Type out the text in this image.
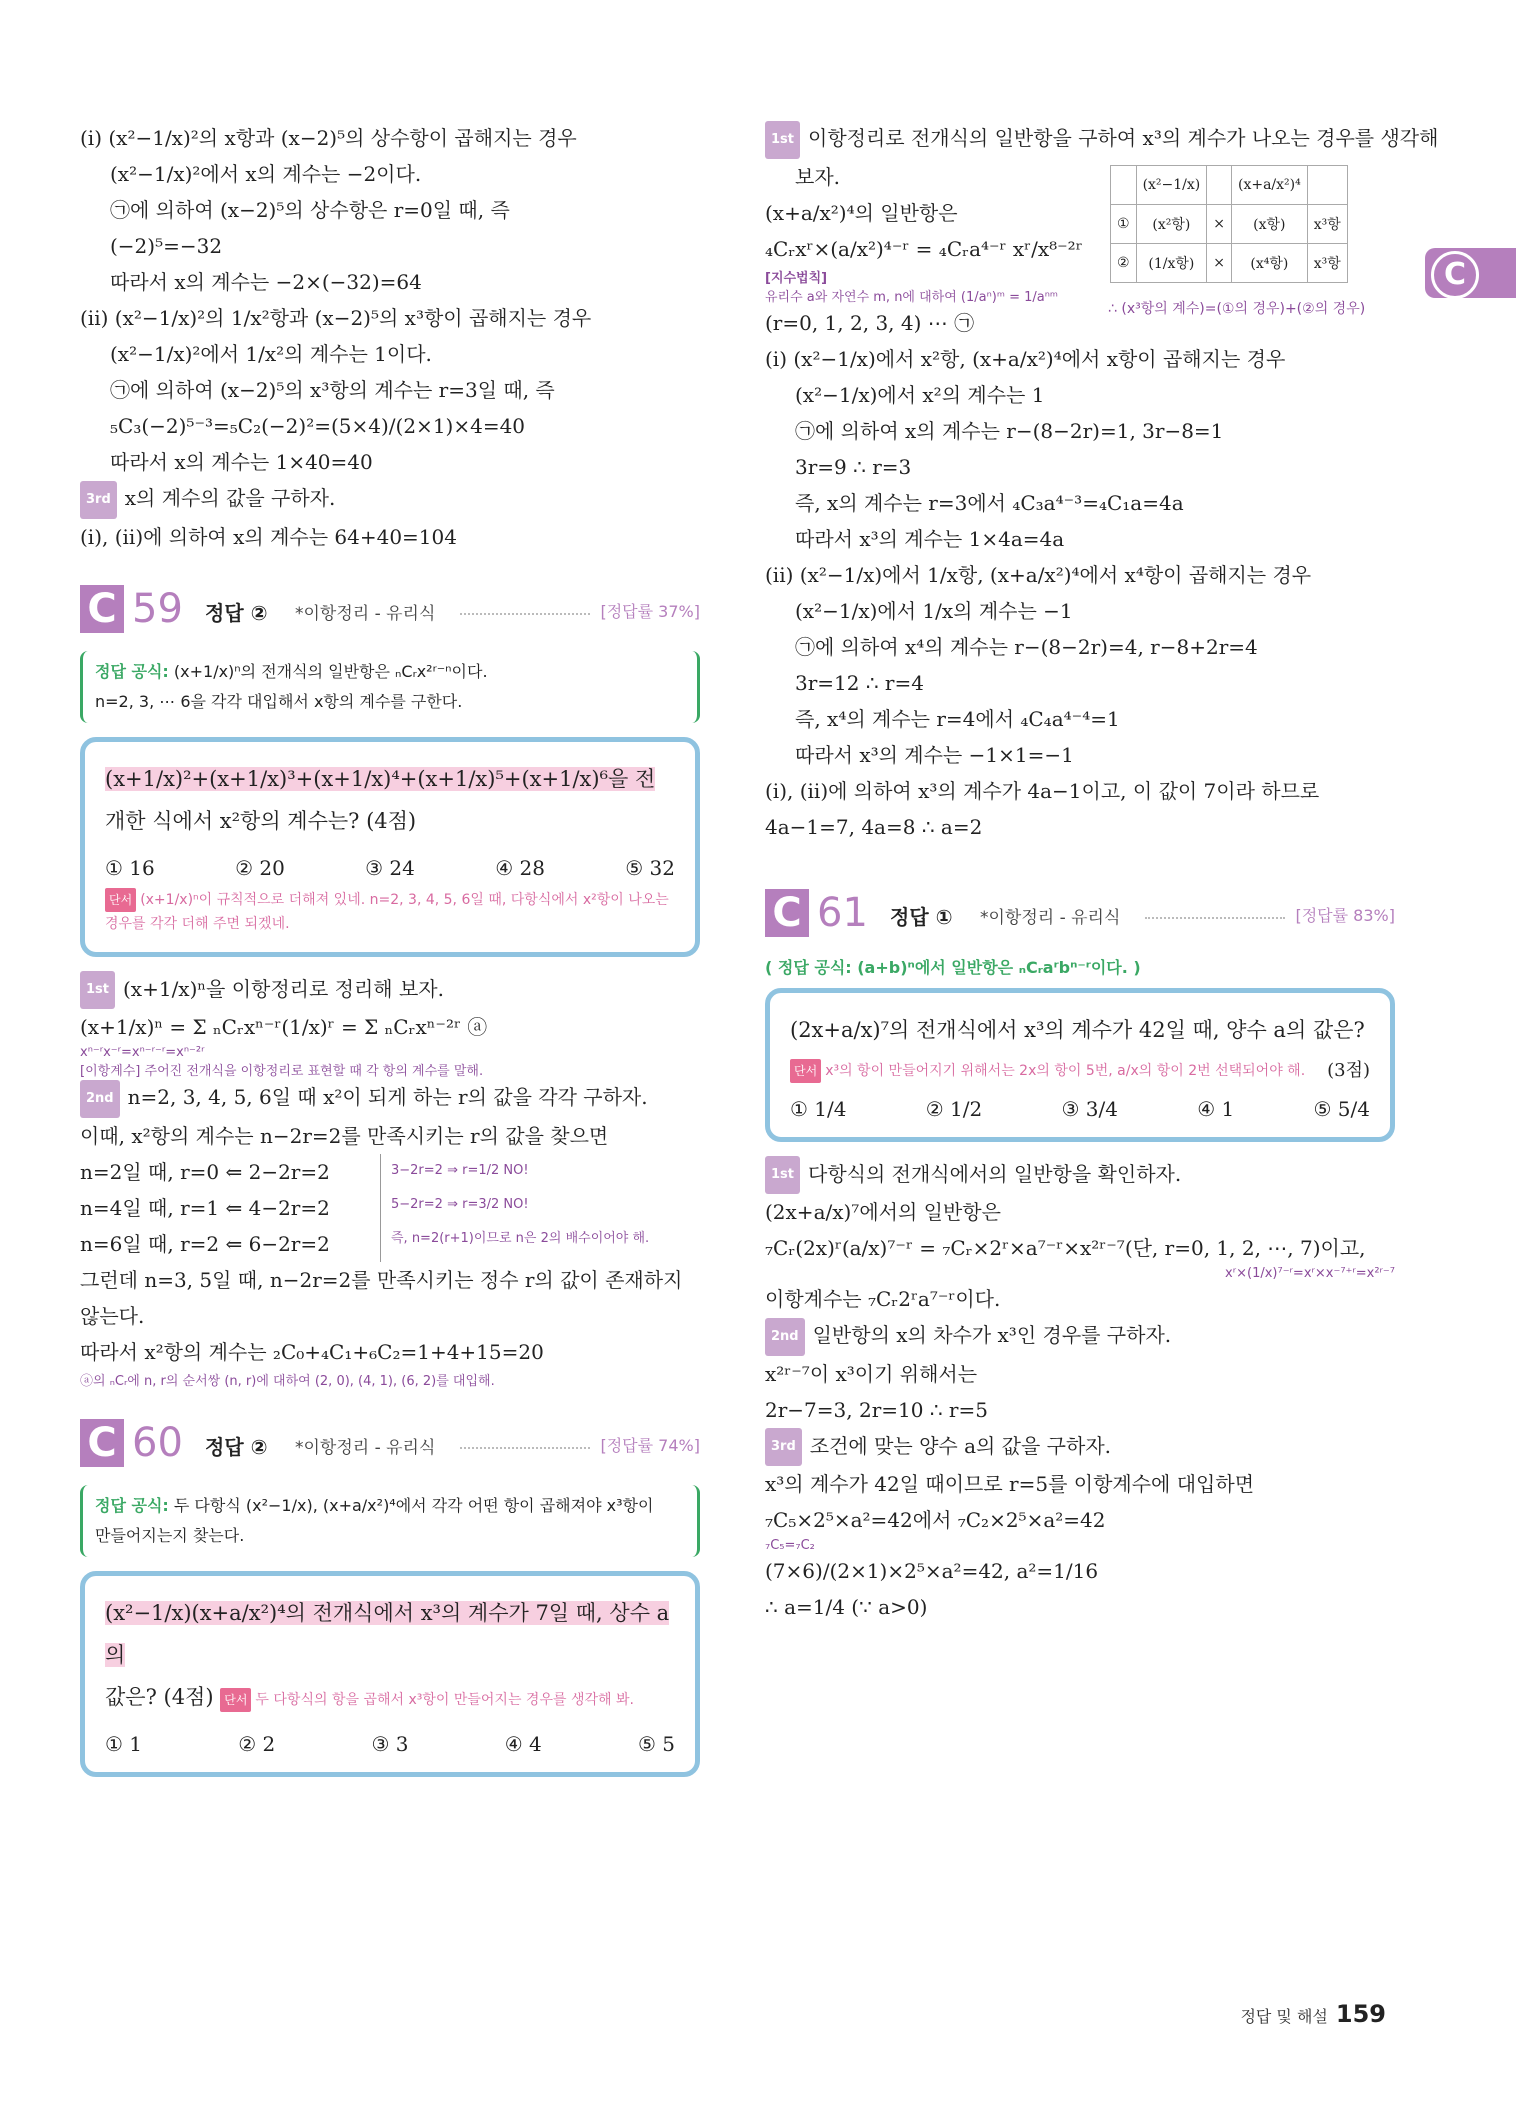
(i) (x²−1/x)²의 x항과 (x−2)⁵의 상수항이 곱해지는 경우
(x²−1/x)²에서 x의 계수는 −2이다.
㉠에 의하여 (x−2)⁵의 상수항은 r=0일 때, 즉
(−2)⁵=−32
따라서 x의 계수는 −2×(−32)=64
(ii) (x²−1/x)²의 1/x²항과 (x−2)⁵의 x³항이 곱해지는 경우
(x²−1/x)²에서 1/x²의 계수는 1이다.
㉠에 의하여 (x−2)⁵의 x³항의 계수는 r=3일 때, 즉
₅C₃(−2)⁵⁻³=₅C₂(−2)²=(5×4)/(2×1)×4=40
따라서 x의 계수는 1×40=40
3rd x의 계수의 값을 구하자.
(i), (ii)에 의하여 x의 계수는 64+40=104
C 59 정답 ② *이항정리 - 유리식	[정답률 37%]
정답 공식: (x+1/x)ⁿ의 전개식의 일반항은 ₙCᵣx²ʳ⁻ⁿ이다.
n=2, 3, ⋯ 6을 각각 대입해서 x항의 계수를 구한다.
(x+1/x)²+(x+1/x)³+(x+1/x)⁴+(x+1/x)⁵+(x+1/x)⁶을 전
개한 식에서 x²항의 계수는? (4점)
① 16	② 20	③ 24	④ 28	⑤ 32
단서 (x+1/x)ⁿ이 규칙적으로 더해져 있네. n=2, 3, 4, 5, 6일 때, 다항식에서 x²항이 나오는 경우를 각각 더해 주면 되겠네.
1st (x+1/x)ⁿ을 이항정리로 정리해 보자.
(x+1/x)ⁿ = Σ ₙCᵣxⁿ⁻ʳ(1/x)ʳ = Σ ₙCᵣxⁿ⁻²ʳ ⓐ
xⁿ⁻ʳx⁻ʳ=xⁿ⁻ʳ⁻ʳ=xⁿ⁻²ʳ
[이항계수] 주어진 전개식을 이항정리로 표현할 때 각 항의 계수를 말해.
2nd n=2, 3, 4, 5, 6일 때 x²이 되게 하는 r의 값을 각각 구하자.
이때, x²항의 계수는 n−2r=2를 만족시키는 r의 값을 찾으면
n=2일 때, r=0 ⇐ 2−2r=2
n=4일 때, r=1 ⇐ 4−2r=2
n=6일 때, r=2 ⇐ 6−2r=2
3−2r=2 ⇒ r=1/2 NO!
5−2r=2 ⇒ r=3/2 NO!
즉, n=2(r+1)이므로 n은 2의 배수이어야 해.
그런데 n=3, 5일 때, n−2r=2를 만족시키는 정수 r의 값이 존재하지
않는다.
따라서 x²항의 계수는 ₂C₀+₄C₁+₆C₂=1+4+15=20
ⓐ의 ₙCᵣ에 n, r의 순서쌍 (n, r)에 대하여 (2, 0), (4, 1), (6, 2)를 대입해.
C 60 정답 ② *이항정리 - 유리식	[정답률 74%]
정답 공식: 두 다항식 (x²−1/x), (x+a/x²)⁴에서 각각 어떤 항이 곱해져야 x³항이
만들어지는지 찾는다.
(x²−1/x)(x+a/x²)⁴의 전개식에서 x³의 계수가 7일 때, 상수 a의
값은? (4점) 단서 두 다항식의 항을 곱해서 x³항이 만들어지는 경우를 생각해 봐.
① 1	② 2	③ 3	④ 4	⑤ 5
1st 이항정리로 전개식의 일반항을 구하여 x³의 계수가 나오는 경우를 생각해
보자.
(x+a/x²)⁴의 일반항은
₄Cᵣxʳ×(a/x²)⁴⁻ʳ = ₄Cᵣa⁴⁻ʳ xʳ/x⁸⁻²ʳ
[지수법칙]
유리수 a와 자연수 m, n에 대하여 (1/aⁿ)ᵐ = 1/aⁿᵐ
(r=0, 1, 2, 3, 4) ⋯ ㉠
(i) (x²−1/x)에서 x²항, (x+a/x²)⁴에서 x항이 곱해지는 경우
(x²−1/x)에서 x²의 계수는 1
㉠에 의하여 x의 계수는 r−(8−2r)=1, 3r−8=1
3r=9 ∴ r=3
즉, x의 계수는 r=3에서 ₄C₃a⁴⁻³=₄C₁a=4a
따라서 x³의 계수는 1×4a=4a
(ii) (x²−1/x)에서 1/x항, (x+a/x²)⁴에서 x⁴항이 곱해지는 경우
(x²−1/x)에서 1/x의 계수는 −1
㉠에 의하여 x⁴의 계수는 r−(8−2r)=4, r−8+2r=4
3r=12 ∴ r=4
즉, x⁴의 계수는 r=4에서 ₄C₄a⁴⁻⁴=1
따라서 x³의 계수는 −1×1=−1
(i), (ii)에 의하여 x³의 계수가 4a−1이고, 이 값이 7이라 하므로
4a−1=7, 4a=8 ∴ a=2
C 61 정답 ① *이항정리 - 유리식	[정답률 83%]
( 정답 공식: (a+b)ⁿ에서 일반항은 ₙCᵣaʳbⁿ⁻ʳ이다. )
(2x+a/x)⁷의 전개식에서 x³의 계수가 42일 때, 양수 a의 값은?
단서 x³의 항이 만들어지기 위해서는 2x의 항이 5번, a/x의 항이 2번 선택되어야 해. (3점)
① 1/4	② 1/2	③ 3/4	④ 1	⑤ 5/4
1st 다항식의 전개식에서의 일반항을 확인하자.
(2x+a/x)⁷에서의 일반항은
₇Cᵣ(2x)ʳ(a/x)⁷⁻ʳ = ₇Cᵣ×2ʳ×a⁷⁻ʳ×x²ʳ⁻⁷(단, r=0, 1, 2, ⋯, 7)이고,
xʳ×(1/x)⁷⁻ʳ=xʳ×x⁻⁷⁺ʳ=x²ʳ⁻⁷
이항계수는 ₇Cᵣ2ʳa⁷⁻ʳ이다.
2nd 일반항의 x의 차수가 x³인 경우를 구하자.
x²ʳ⁻⁷이 x³이기 위해서는
2r−7=3, 2r=10 ∴ r=5
3rd 조건에 맞는 양수 a의 값을 구하자.
x³의 계수가 42일 때이므로 r=5를 이항계수에 대입하면
₇C₅×2⁵×a²=42에서 ₇C₂×2⁵×a²=42
₇C₅=₇C₂
(7×6)/(2×1)×2⁵×a²=42, a²=1/16
∴ a=1/4 (∵ a>0)
	(x²−1/x)		(x+a/x²)⁴	
①	(x²항)	×	(x항)	x³항
②	(1/x항)	×	(x⁴항)	x³항
∴ (x³항의 계수)=(①의 경우)+(②의 경우)
C
정답 및 해설 159
